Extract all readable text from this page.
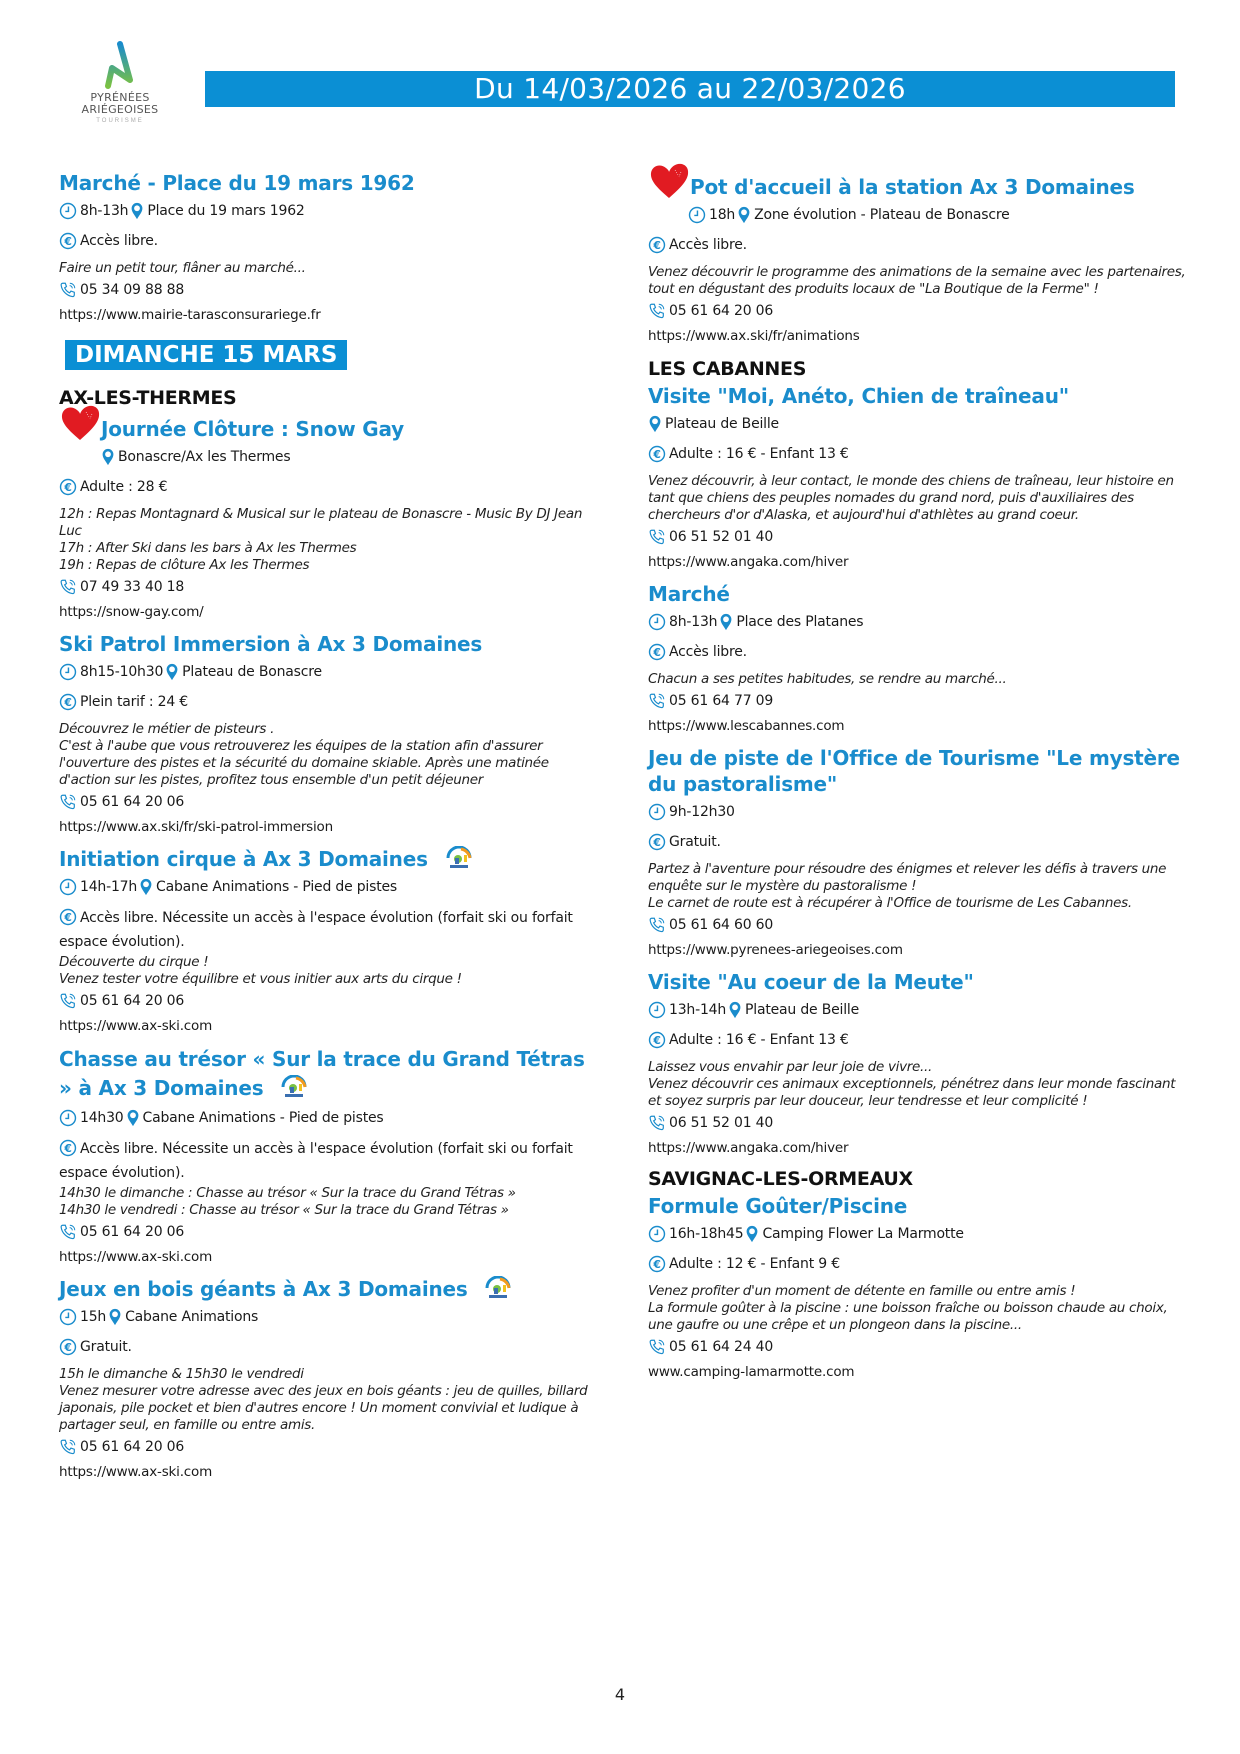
PYRÉNÉES
ARIÉGEOISES
TOURISME
Du 14/03/2026 au 22/03/2026
Marché - Place du 19 mars 1962
8h-13h Place du 19 mars 1962
Accès libre.
Faire un petit tour, flâner au marché...
05 34 09 88 88
https://www.mairie-tarasconsurariege.fr
DIMANCHE 15 MARS
AX-LES-THERMES
Journée Clôture : Snow Gay
Bonascre/Ax les Thermes
Adulte : 28 €
12h : Repas Montagnard & Musical sur le plateau de Bonascre - Music By DJ Jean Luc
17h : After Ski dans les bars à Ax les Thermes
19h : Repas de clôture Ax les Thermes
07 49 33 40 18
https://snow-gay.com/
Ski Patrol Immersion à Ax 3 Domaines
8h15-10h30 Plateau de Bonascre
Plein tarif : 24 €
Découvrez le métier de pisteurs .
C'est à l'aube que vous retrouverez les équipes de la station afin d'assurer l'ouverture des pistes et la sécurité du domaine skiable. Après une matinée d'action sur les pistes, profitez tous ensemble d'un petit déjeuner
05 61 64 20 06
https://www.ax.ski/fr/ski-patrol-immersion
Initiation cirque à Ax 3 Domaines
14h-17h Cabane Animations - Pied de pistes
Accès libre. Nécessite un accès à l'espace évolution (forfait ski ou forfait espace évolution).
Découverte du cirque !
Venez tester votre équilibre et vous initier aux arts du cirque !
05 61 64 20 06
https://www.ax-ski.com
Chasse au trésor « Sur la trace du Grand Tétras » à Ax 3 Domaines
14h30 Cabane Animations - Pied de pistes
Accès libre. Nécessite un accès à l'espace évolution (forfait ski ou forfait espace évolution).
14h30 le dimanche : Chasse au trésor « Sur la trace du Grand Tétras »
14h30 le vendredi : Chasse au trésor « Sur la trace du Grand Tétras »
05 61 64 20 06
https://www.ax-ski.com
Jeux en bois géants à Ax 3 Domaines
15h Cabane Animations
Gratuit.
15h le dimanche & 15h30 le vendredi
Venez mesurer votre adresse avec des jeux en bois géants : jeu de quilles, billard japonais, pile pocket et bien d'autres encore ! Un moment convivial et ludique à partager seul, en famille ou entre amis.
05 61 64 20 06
https://www.ax-ski.com
Pot d'accueil à la station Ax 3 Domaines
18h Zone évolution - Plateau de Bonascre
Accès libre.
Venez découvrir le programme des animations de la semaine avec les partenaires, tout en dégustant des produits locaux de "La Boutique de la Ferme" !
05 61 64 20 06
https://www.ax.ski/fr/animations
LES CABANNES
Visite "Moi, Anéto, Chien de traîneau"
Plateau de Beille
Adulte : 16 € - Enfant 13 €
Venez découvrir, à leur contact, le monde des chiens de traîneau, leur histoire en tant que chiens des peuples nomades du grand nord, puis d'auxiliaires des chercheurs d'or d'Alaska, et aujourd'hui d'athlètes au grand coeur.
06 51 52 01 40
https://www.angaka.com/hiver
Marché
8h-13h Place des Platanes
Accès libre.
Chacun a ses petites habitudes, se rendre au marché...
05 61 64 77 09
https://www.lescabannes.com
Jeu de piste de l'Office de Tourisme "Le mystère du pastoralisme"
9h-12h30
Gratuit.
Partez à l'aventure pour résoudre des énigmes et relever les défis à travers une enquête sur le mystère du pastoralisme !
Le carnet de route est à récupérer à l'Office de tourisme de Les Cabannes.
05 61 64 60 60
https://www.pyrenees-ariegeoises.com
Visite "Au coeur de la Meute"
13h-14h Plateau de Beille
Adulte : 16 € - Enfant 13 €
Laissez vous envahir par leur joie de vivre...
Venez découvrir ces animaux exceptionnels, pénétrez dans leur monde fascinant et soyez surpris par leur douceur, leur tendresse et leur complicité !
06 51 52 01 40
https://www.angaka.com/hiver
SAVIGNAC-LES-ORMEAUX
Formule Goûter/Piscine
16h-18h45 Camping Flower La Marmotte
Adulte : 12 € - Enfant 9 €
Venez profiter d'un moment de détente en famille ou entre amis !
La formule goûter à la piscine : une boisson fraîche ou boisson chaude au choix, une gaufre ou une crêpe et un plongeon dans la piscine...
05 61 64 24 40
www.camping-lamarmotte.com
4
